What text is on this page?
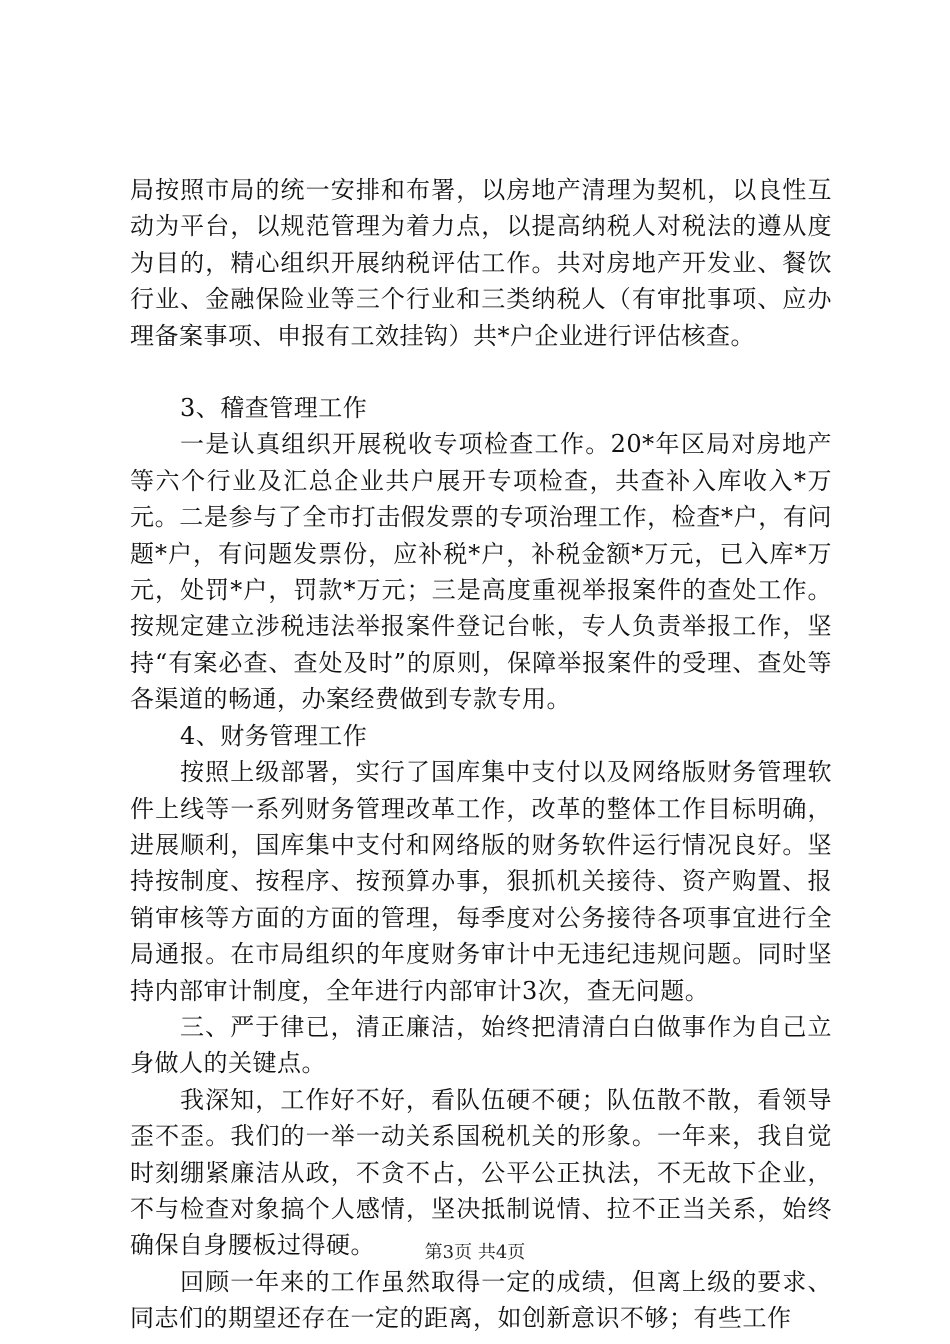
局按照市局的统一安排和布署，以房地产清理为契机，以良性互动为平台，以规范管理为着力点，以提高纳税人对税法的遵从度为目的，精心组织开展纳税评估工作。共对房地产开发业、餐饮行业、金融保险业等三个行业和三类纳税人（有审批事项、应办理备案事项、申报有工效挂钩）共*户企业进行评估核查。

3、稽查管理工作

一是认真组织开展税收专项检查工作。20*年区局对房地产等六个行业及汇总企业共户展开专项检查，共查补入库收入*万元。二是参与了全市打击假发票的专项治理工作，检查*户，有问题*户，有问题发票份，应补税*户，补税金额*万元，已入库*万元，处罚*户，罚款*万元；三是高度重视举报案件的查处工作。按规定建立涉税违法举报案件登记台帐，专人负责举报工作，坚持“有案必查、查处及时”的原则，保障举报案件的受理、查处等各渠道的畅通，办案经费做到专款专用。

4、财务管理工作

按照上级部署，实行了国库集中支付以及网络版财务管理软件上线等一系列财务管理改革工作，改革的整体工作目标明确，进展顺利，国库集中支付和网络版的财务软件运行情况良好。坚持按制度、按程序、按预算办事，狠抓机关接待、资产购置、报销审核等方面的方面的管理，每季度对公务接待各项事宜进行全局通报。在市局组织的年度财务审计中无违纪违规问题。同时坚持内部审计制度，全年进行内部审计3次，查无问题。

三、严于律已，清正廉洁，始终把清清白白做事作为自己立身做人的关键点。

我深知，工作好不好，看队伍硬不硬；队伍散不散，看领导歪不歪。我们的一举一动关系国税机关的形象。一年来，我自觉时刻绷紧廉洁从政，不贪不占，公平公正执法，不无故下企业，不与检查对象搞个人感情，坚决抵制说情、拉不正当关系，始终确保自身腰板过得硬。

回顾一年来的工作虽然取得一定的成绩，但离上级的要求、同志们的期望还存在一定的距离，如创新意识不够；有些工作

第3页 共4页
